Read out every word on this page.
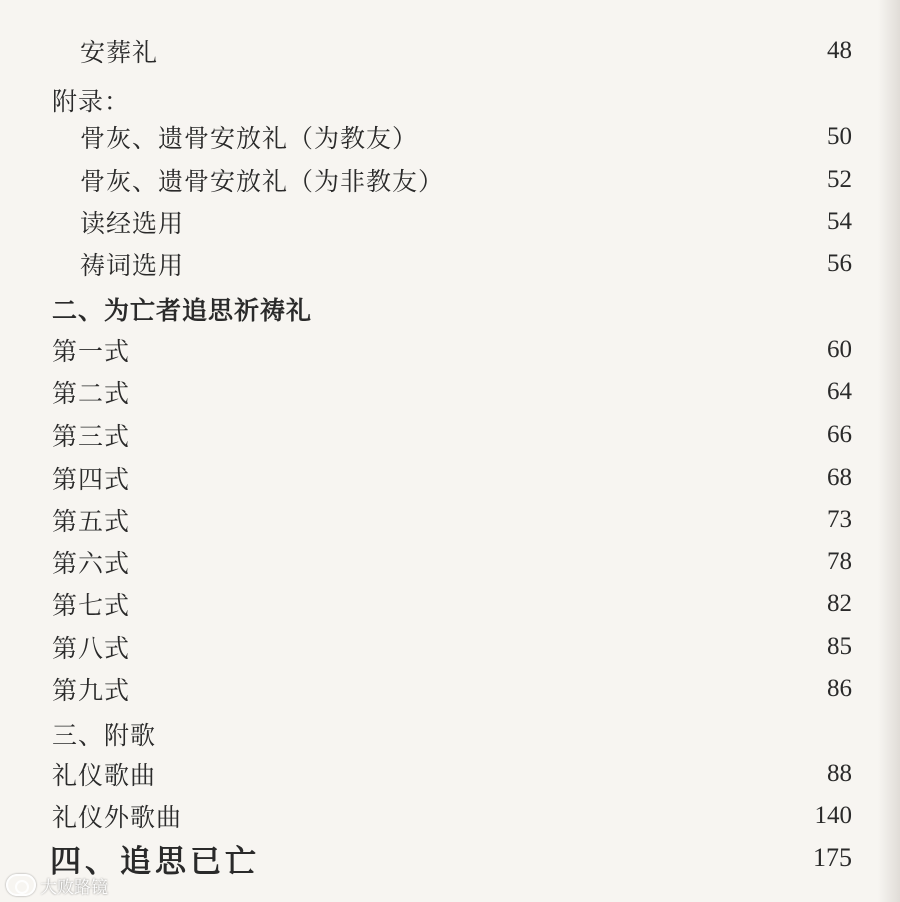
安葬礼	48
附录：
骨灰、遗骨安放礼（为教友）	50
骨灰、遗骨安放礼（为非教友）	52
读经选用	54
祷词选用	56
二、为亡者追思祈祷礼
第一式	60
第二式	64
第三式	66
第四式	68
第五式	73
第六式	78
第七式	82
第八式	85
第九式	86
三、附歌
礼仪歌曲	88
礼仪外歌曲	140
四、追思已亡	175
大败路镜
